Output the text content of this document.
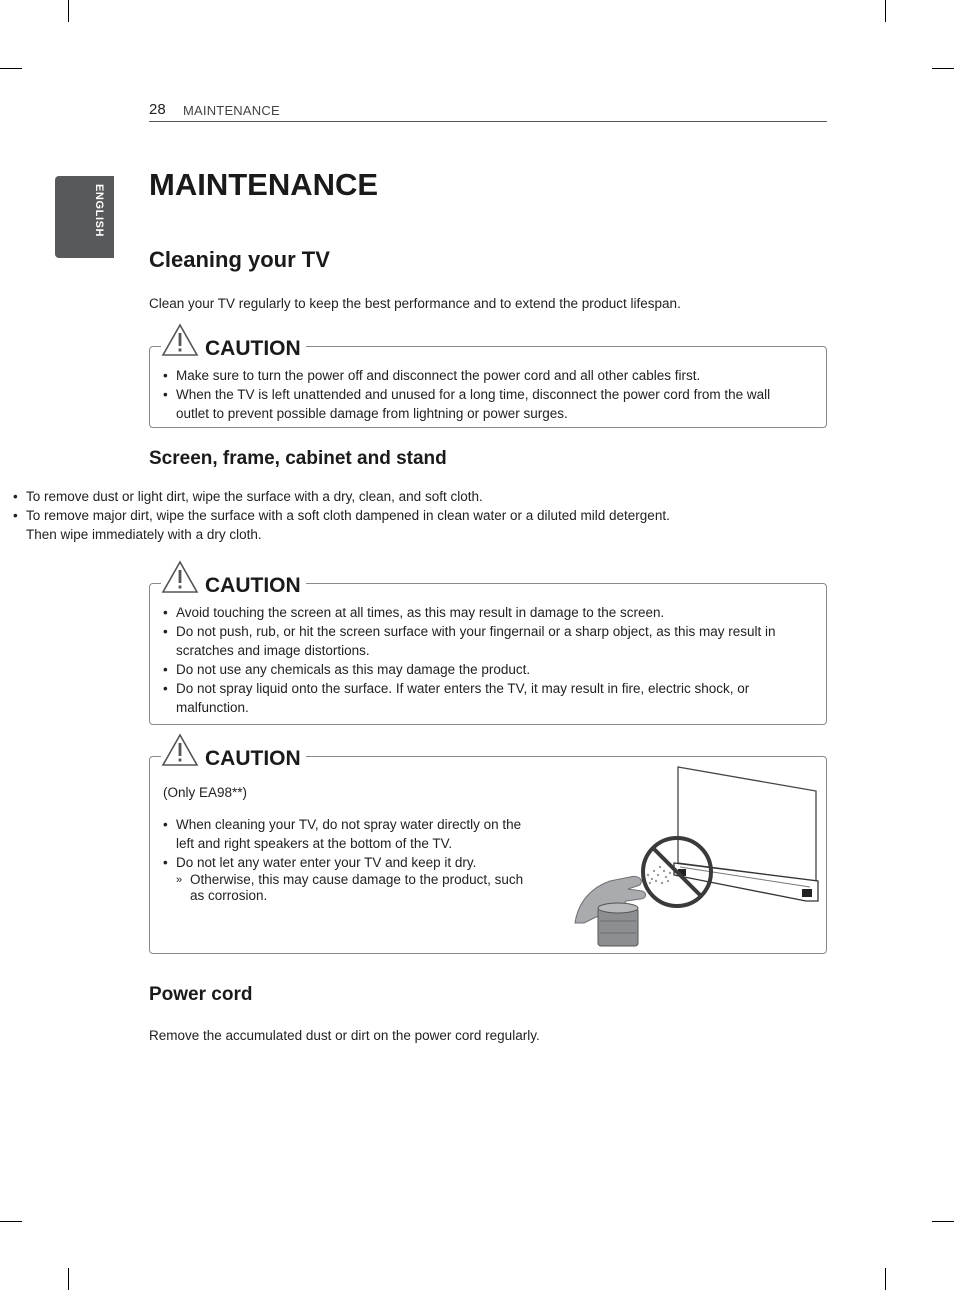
28 MAINTENANCE
ENGLISH MAINTENANCE
Cleaning your TV

Clean your TV regularly to keep the best performance and to extend the product lifespan.

CAUTION
• Make sure to turn the power off and disconnect the power cord and all other cables first.
• When the TV is left unattended and unused for a long time, disconnect the power cord from the wall outlet to prevent possible damage from lightning or power surges.
Screen, frame, cabinet and stand
• To remove dust or light dirt, wipe the surface with a dry, clean, and soft cloth.
• To remove major dirt, wipe the surface with a soft cloth dampened in clean water or a diluted mild detergent. Then wipe immediately with a dry cloth.
CAUTION
• Avoid touching the screen at all times, as this may result in damage to the screen.
• Do not push, rub, or hit the screen surface with your fingernail or a sharp object, as this may result in scratches and image distortions.
• Do not use any chemicals as this may damage the product.
• Do not spray liquid onto the surface. If water enters the TV, it may result in fire, electric shock, or malfunction.
CAUTION
(Only EA98**)
• When cleaning your TV, do not spray water directly on the left and right speakers at the bottom of the TV.
• Do not let any water enter your TV and keep it dry.
» Otherwise, this may cause damage to the product, such as corrosion.
Power cord

Remove the accumulated dust or dirt on the power cord regularly.
